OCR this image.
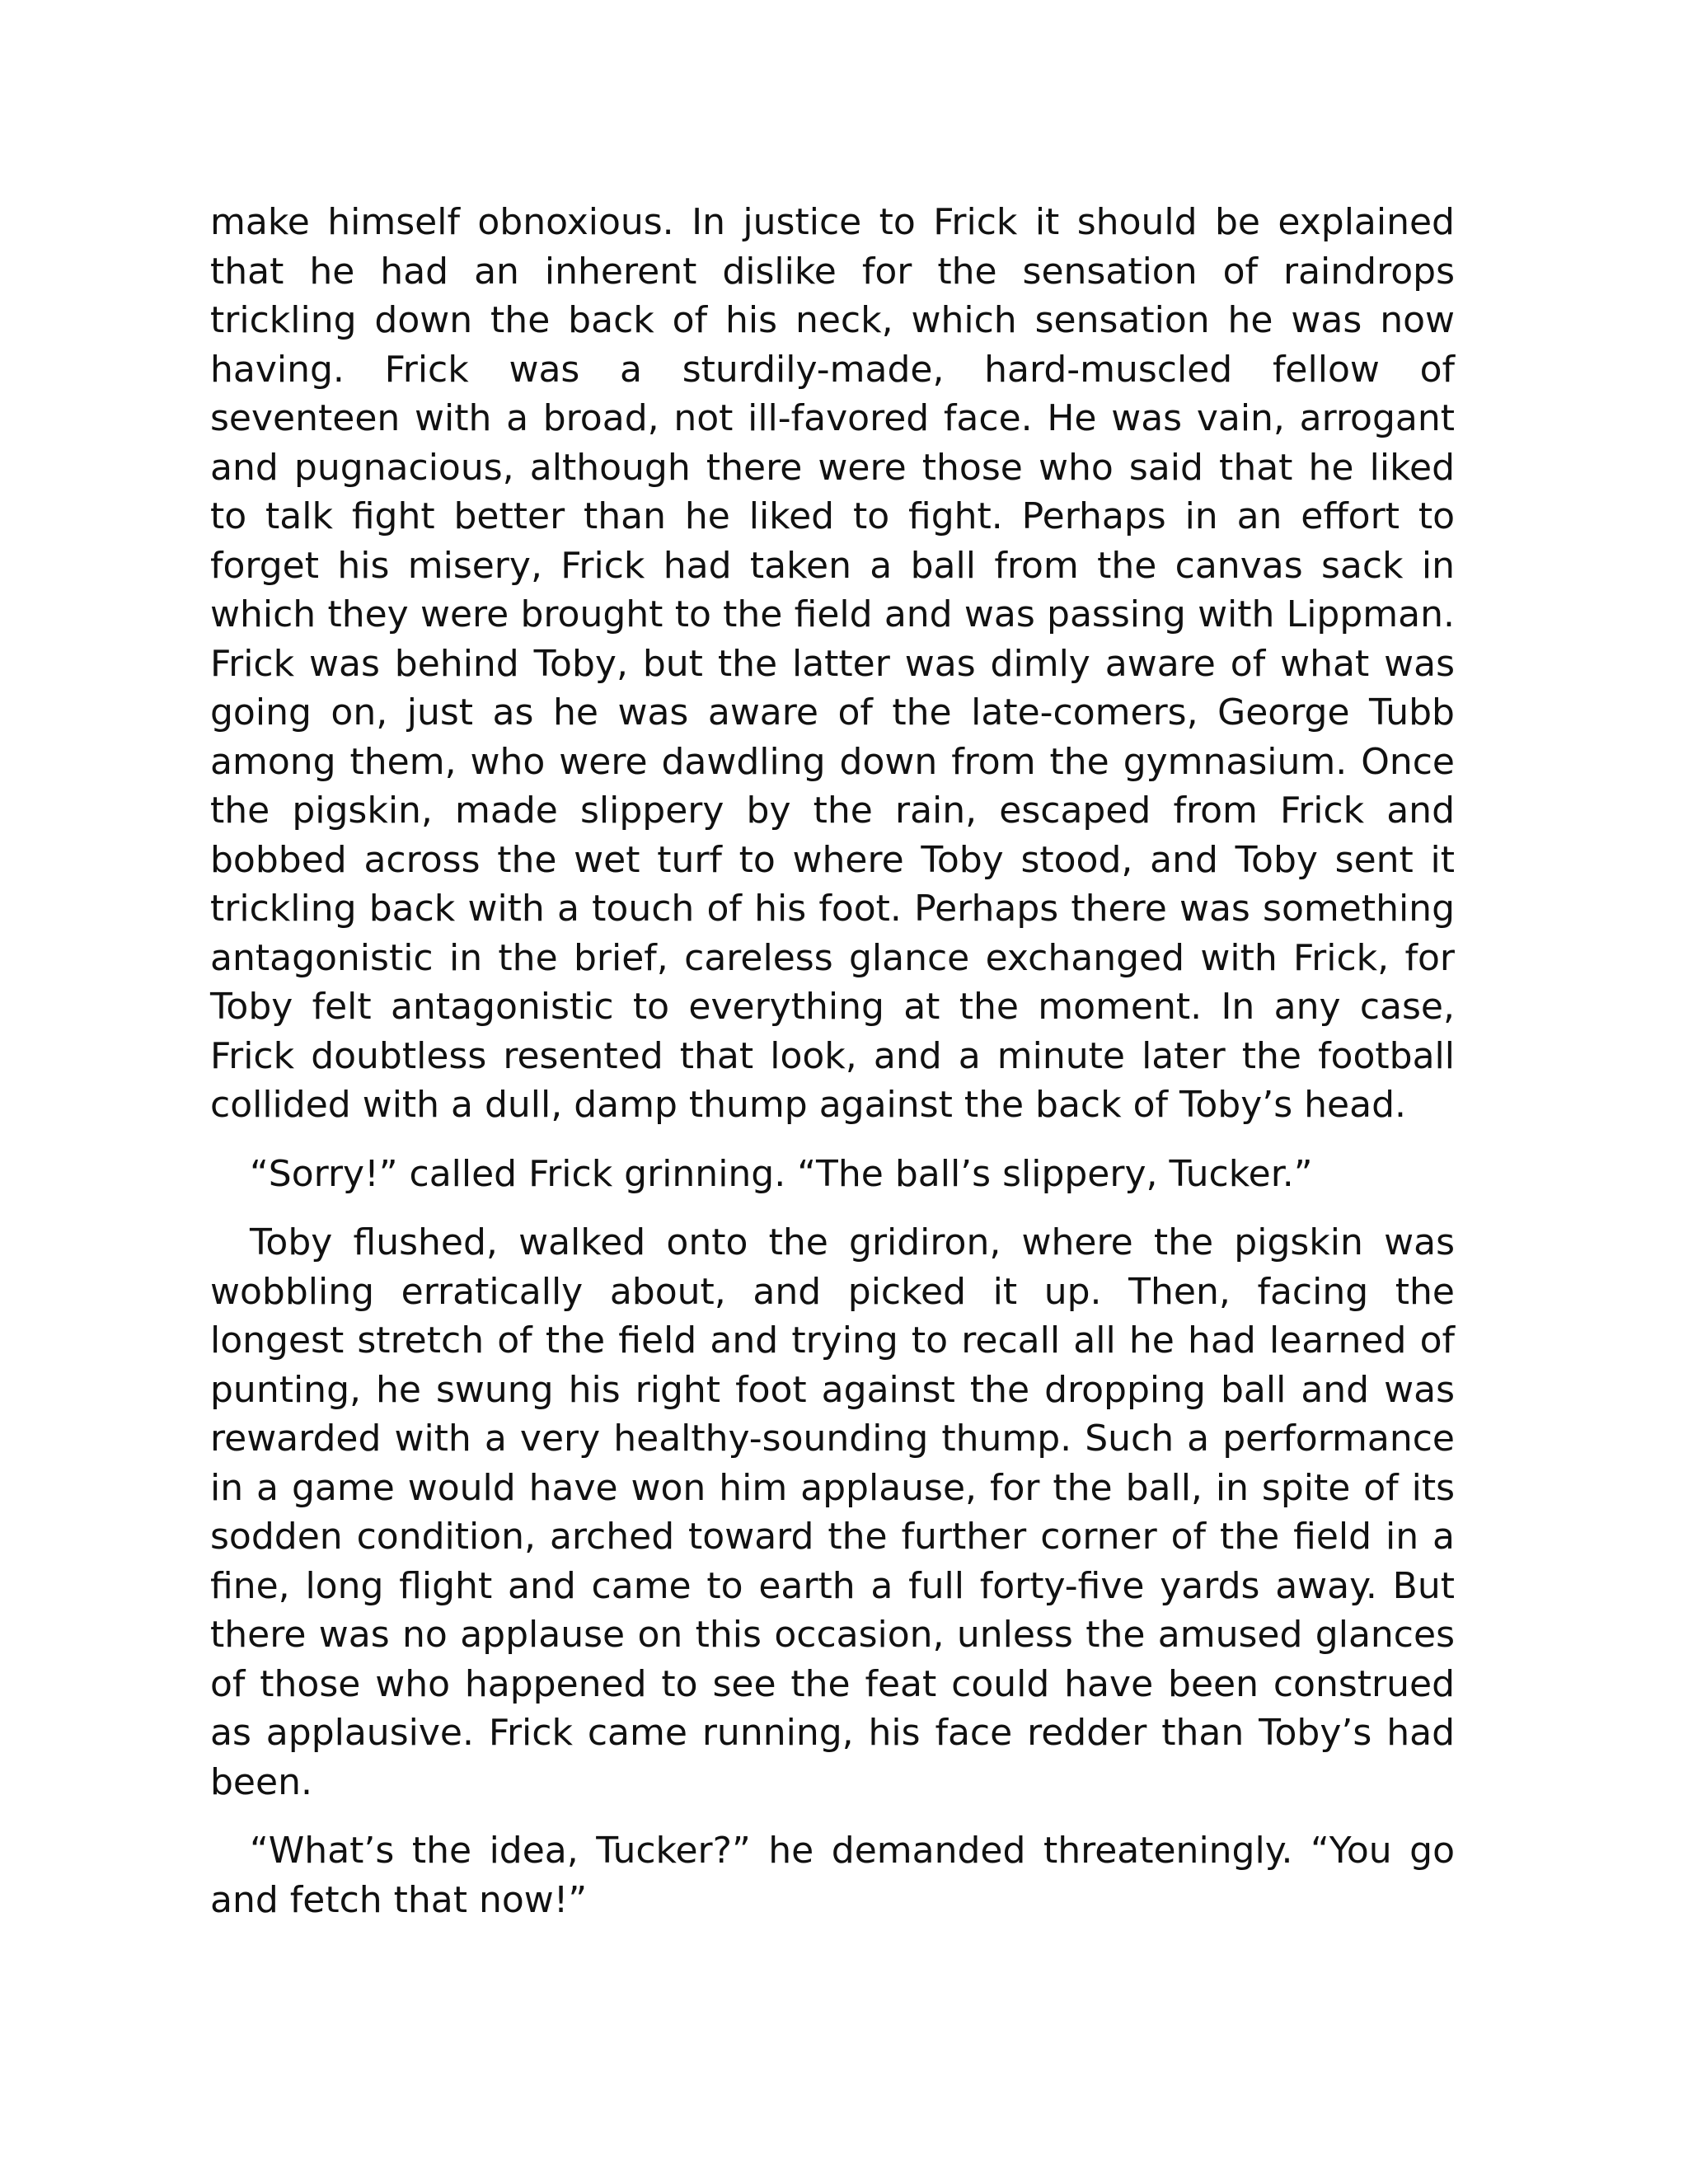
make himself obnoxious. In justice to Frick it should be explained that he had an inherent dislike for the sensation of raindrops trickling down the back of his neck, which sensation he was now having. Frick was a sturdily-made, hard-muscled fellow of seventeen with a broad, not ill-favored face. He was vain, arrogant and pugnacious, although there were those who said that he liked to talk fight better than he liked to fight. Perhaps in an effort to forget his misery, Frick had taken a ball from the canvas sack in which they were brought to the field and was passing with Lippman. Frick was behind Toby, but the latter was dimly aware of what was going on, just as he was aware of the late-comers, George Tubb among them, who were dawdling down from the gymnasium. Once the pigskin, made slippery by the rain, escaped from Frick and bobbed across the wet turf to where Toby stood, and Toby sent it trickling back with a touch of his foot. Perhaps there was something antagonistic in the brief, careless glance exchanged with Frick, for Toby felt antagonistic to everything at the moment. In any case, Frick doubtless resented that look, and a minute later the football collided with a dull, damp thump against the back of Toby’s head.

“Sorry!” called Frick grinning. “The ball’s slippery, Tucker.”

Toby flushed, walked onto the gridiron, where the pigskin was wobbling erratically about, and picked it up. Then, facing the longest stretch of the field and trying to recall all he had learned of punting, he swung his right foot against the dropping ball and was rewarded with a very healthy-sounding thump. Such a performance in a game would have won him applause, for the ball, in spite of its sodden condition, arched toward the further corner of the field in a fine, long flight and came to earth a full forty-five yards away. But there was no applause on this occasion, unless the amused glances of those who happened to see the feat could have been construed as applausive. Frick came running, his face redder than Toby’s had been.

“What’s the idea, Tucker?” he demanded threateningly. “You go and fetch that now!”
